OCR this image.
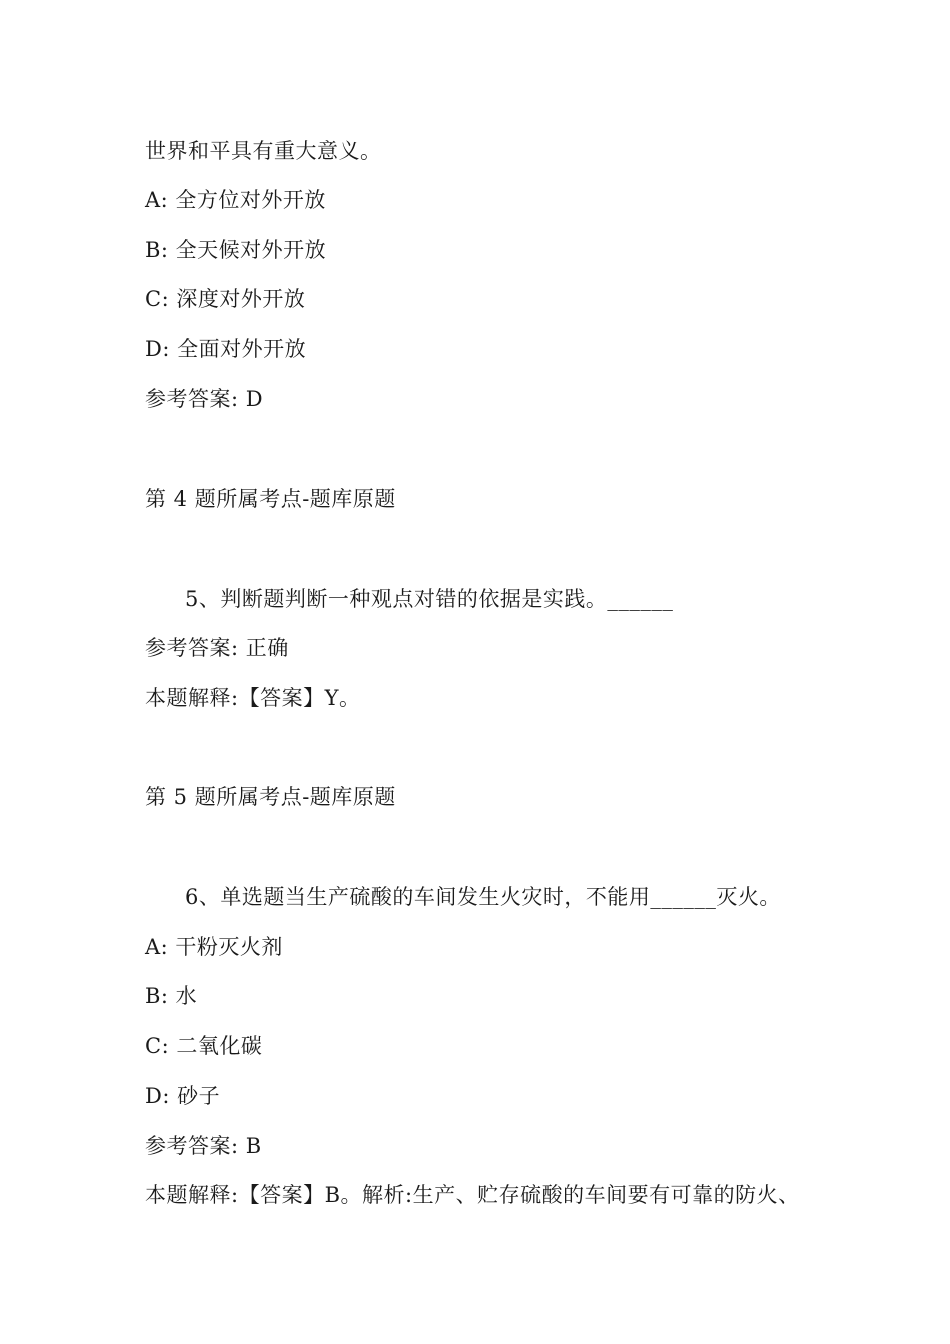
世界和平具有重大意义。
A: 全方位对外开放
B: 全天候对外开放
C: 深度对外开放
D: 全面对外开放
参考答案: D
第 4 题所属考点-题库原题
5、判断题判断一种观点对错的依据是实践。______
参考答案: 正确
本题解释:【答案】Y。
第 5 题所属考点-题库原题
6、单选题当生产硫酸的车间发生火灾时，不能用______灭火。
A: 干粉灭火剂
B: 水
C: 二氧化碳
D: 砂子
参考答案: B
本题解释:【答案】B。解析:生产、贮存硫酸的车间要有可靠的防火、
